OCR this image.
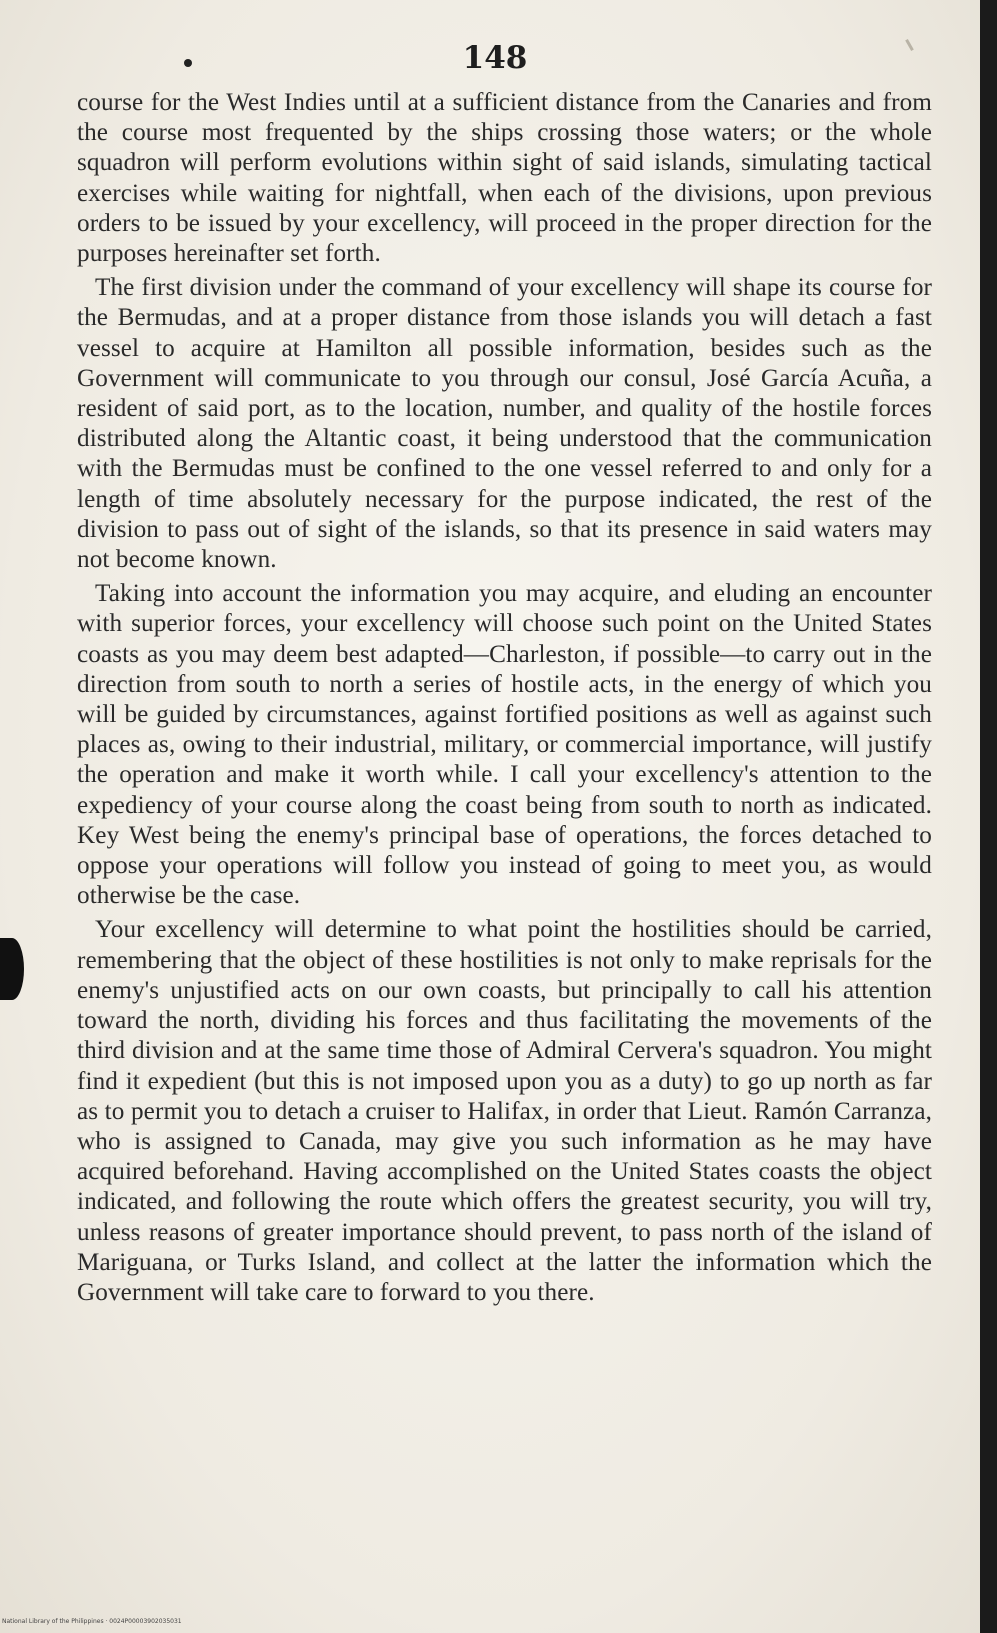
148

course for the West Indies until at a sufficient distance from the Canaries and from the course most frequented by the ships crossing those waters; or the whole squadron will perform evolutions within sight of said islands, simulating tactical exercises while waiting for nightfall, when each of the divisions, upon previous orders to be issued by your excellency, will proceed in the proper direction for the purposes hereinafter set forth.

The first division under the command of your excellency will shape its course for the Bermudas, and at a proper distance from those islands you will detach a fast vessel to acquire at Hamilton all possible information, besides such as the Government will communicate to you through our consul, José García Acuña, a resident of said port, as to the location, number, and quality of the hostile forces distributed along the Altantic coast, it being understood that the communication with the Bermudas must be confined to the one vessel referred to and only for a length of time absolutely necessary for the purpose indicated, the rest of the division to pass out of sight of the islands, so that its presence in said waters may not become known.

Taking into account the information you may acquire, and eluding an encounter with superior forces, your excellency will choose such point on the United States coasts as you may deem best adapted—Charleston, if possible—to carry out in the direction from south to north a series of hostile acts, in the energy of which you will be guided by circumstances, against fortified positions as well as against such places as, owing to their industrial, military, or commercial importance, will justify the operation and make it worth while. I call your excellency's attention to the expediency of your course along the coast being from south to north as indicated. Key West being the enemy's principal base of operations, the forces detached to oppose your operations will follow you instead of going to meet you, as would otherwise be the case.

Your excellency will determine to what point the hostilities should be carried, remembering that the object of these hostilities is not only to make reprisals for the enemy's unjustified acts on our own coasts, but principally to call his attention toward the north, dividing his forces and thus facilitating the movements of the third division and at the same time those of Admiral Cervera's squadron. You might find it expedient (but this is not imposed upon you as a duty) to go up north as far as to permit you to detach a cruiser to Halifax, in order that Lieut. Ramón Carranza, who is assigned to Canada, may give you such information as he may have acquired beforehand. Having accomplished on the United States coasts the object indicated, and following the route which offers the greatest security, you will try, unless reasons of greater importance should prevent, to pass north of the island of Mariguana, or Turks Island, and collect at the latter the information which the Government will take care to forward to you there.

National Library of the Philippines · 0024P00003902035031
